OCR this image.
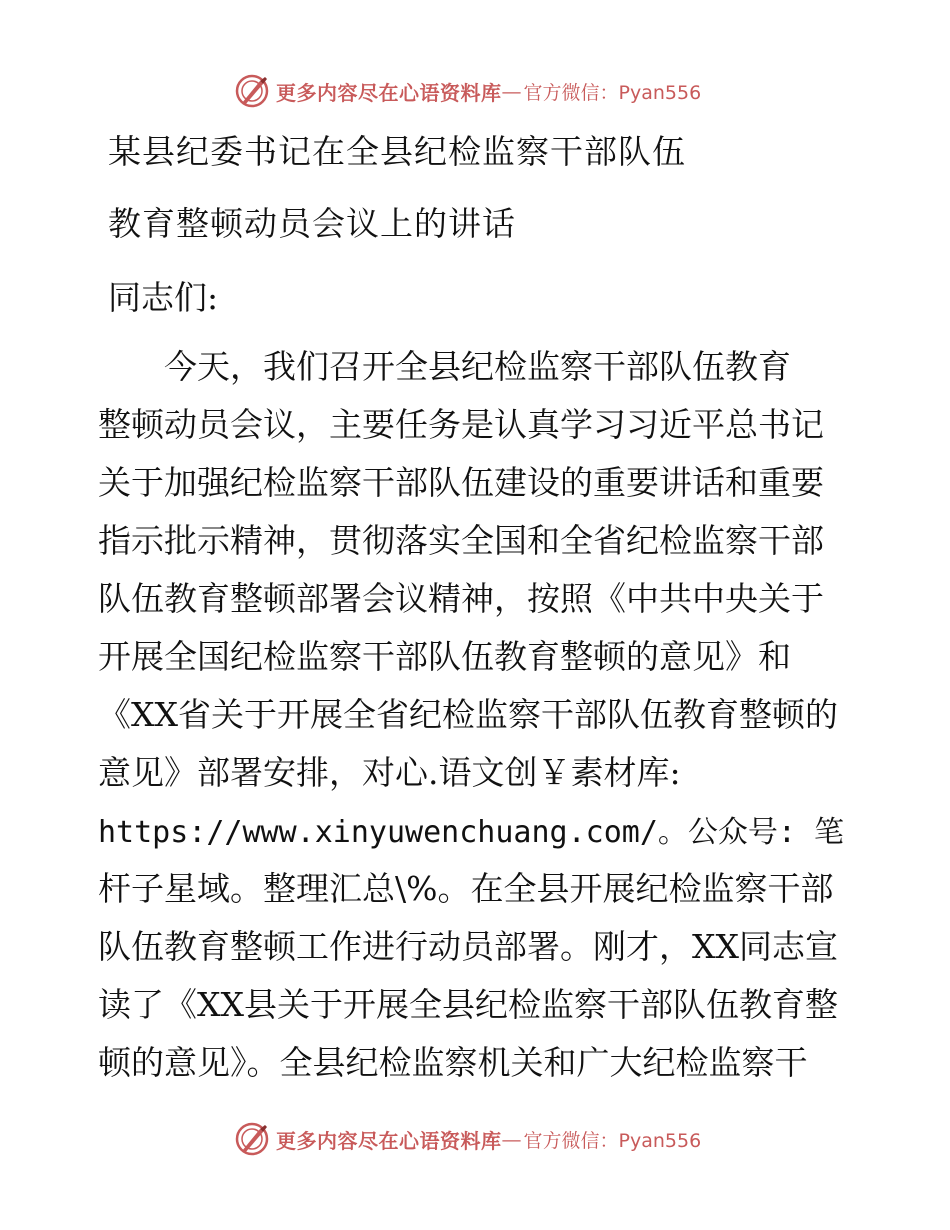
更多内容尽在心语资料库 — 官方微信：Pyan556
某县纪委书记在全县纪检监察干部队伍
教育整顿动员会议上的讲话
同志们:
　　今天，我们召开全县纪检监察干部队伍教育
整顿动员会议，主要任务是认真学习习近平总书记
关于加强纪检监察干部队伍建设的重要讲话和重要
指示批示精神，贯彻落实全国和全省纪检监察干部
队伍教育整顿部署会议精神，按照《中共中央关于
开展全国纪检监察干部队伍教育整顿的意见》和
《XX省关于开展全省纪检监察干部队伍教育整顿的
意见》部署安排，对心.语文创￥素材库:
https://www.xinyuwenchuang.com/。公众号: 笔
杆子星域。整理汇总\%。在全县开展纪检监察干部
队伍教育整顿工作进行动员部署。刚才，XX同志宣
读了《XX县关于开展全县纪检监察干部队伍教育整
顿的意见》。全县纪检监察机关和广大纪检监察干
更多内容尽在心语资料库 — 官方微信：Pyan556
